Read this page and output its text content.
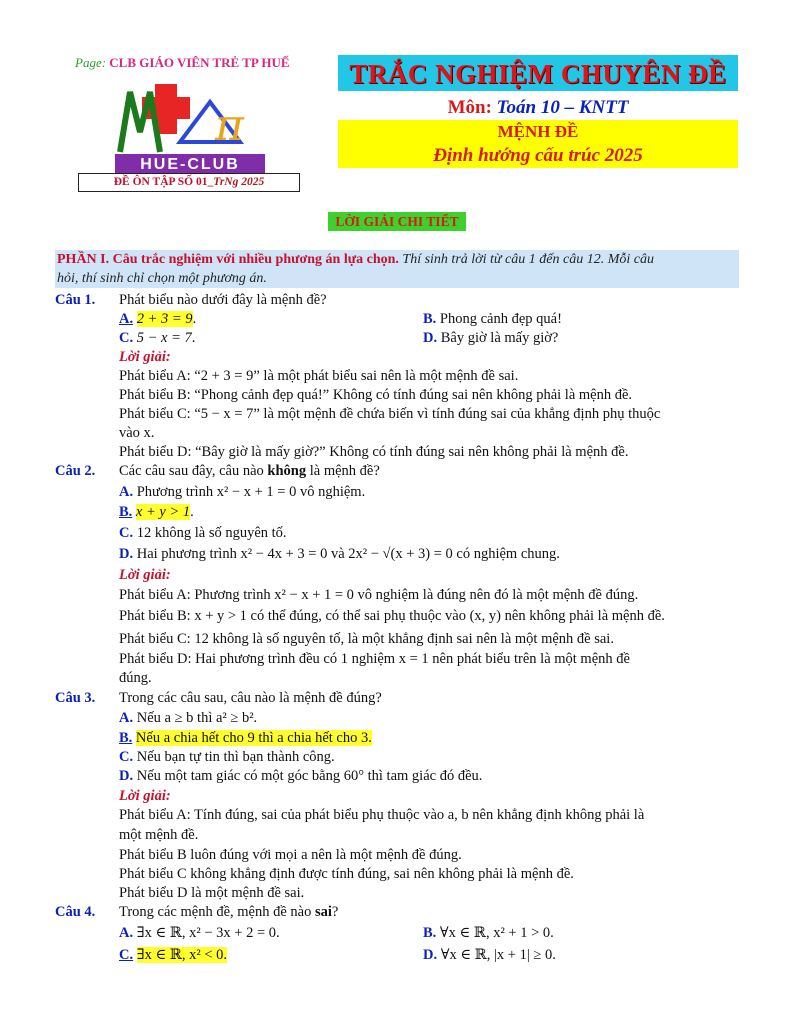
Page: CLB GIÁO VIÊN TRẺ TP HUẾ
π
HUE-CLUB
ĐỀ ÔN TẬP SỐ 01_TrNg 2025
TRẮC NGHIỆM CHUYÊN ĐỀ
Môn: Toán 10 – KNTT
MỆNH ĐỀ
Định hướng cấu trúc 2025
LỜI GIẢI CHI TIẾT
PHẦN I. Câu trắc nghiệm với nhiều phương án lựa chọn. Thí sinh trả lời từ câu 1 đến câu 12. Mỗi câu
hỏi, thí sinh chỉ chọn một phương án.
Câu 1. Phát biểu nào dưới đây là mệnh đề?
A. 2 + 3 = 9.	B. Phong cảnh đẹp quá!
C. 5 − x = 7.	D. Bây giờ là mấy giờ?
Lời giải:
Phát biểu A: “2 + 3 = 9” là một phát biểu sai nên là một mệnh đề sai.
Phát biểu B: “Phong cảnh đẹp quá!” Không có tính đúng sai nên không phải là mệnh đề.
Phát biểu C: “5 − x = 7” là một mệnh đề chứa biến vì tính đúng sai của khẳng định phụ thuộc
vào x.
Phát biểu D: “Bây giờ là mấy giờ?” Không có tính đúng sai nên không phải là mệnh đề.
Câu 2. Các câu sau đây, câu nào không là mệnh đề?
A. Phương trình x² − x + 1 = 0 vô nghiệm.
B. x + y > 1.
C. 12 không là số nguyên tố.
D. Hai phương trình x² − 4x + 3 = 0 và 2x² − √(x + 3) = 0 có nghiệm chung.
Lời giải:
Phát biểu A: Phương trình x² − x + 1 = 0 vô nghiệm là đúng nên đó là một mệnh đề đúng.
Phát biểu B: x + y > 1 có thể đúng, có thể sai phụ thuộc vào (x, y) nên không phải là mệnh đề.
Phát biểu C: 12 không là số nguyên tố, là một khẳng định sai nên là một mệnh đề sai.
Phát biểu D: Hai phương trình đều có 1 nghiệm x = 1 nên phát biểu trên là một mệnh đề
đúng.
Câu 3. Trong các câu sau, câu nào là mệnh đề đúng?
A. Nếu a ≥ b thì a² ≥ b².
B. Nếu a chia hết cho 9 thì a chia hết cho 3.
C. Nếu bạn tự tin thì bạn thành công.
D. Nếu một tam giác có một góc bằng 60° thì tam giác đó đều.
Lời giải:
Phát biểu A: Tính đúng, sai của phát biểu phụ thuộc vào a, b nên khẳng định không phải là
một mệnh đề.
Phát biểu B luôn đúng với mọi a nên là một mệnh đề đúng.
Phát biểu C không khẳng định được tính đúng, sai nên không phải là mệnh đề.
Phát biểu D là một mệnh đề sai.
Câu 4. Trong các mệnh đề, mệnh đề nào sai?
A. ∃x ∈ ℝ, x² − 3x + 2 = 0.	B. ∀x ∈ ℝ, x² + 1 > 0.
C. ∃x ∈ ℝ, x² < 0.	D. ∀x ∈ ℝ, |x + 1| ≥ 0.
